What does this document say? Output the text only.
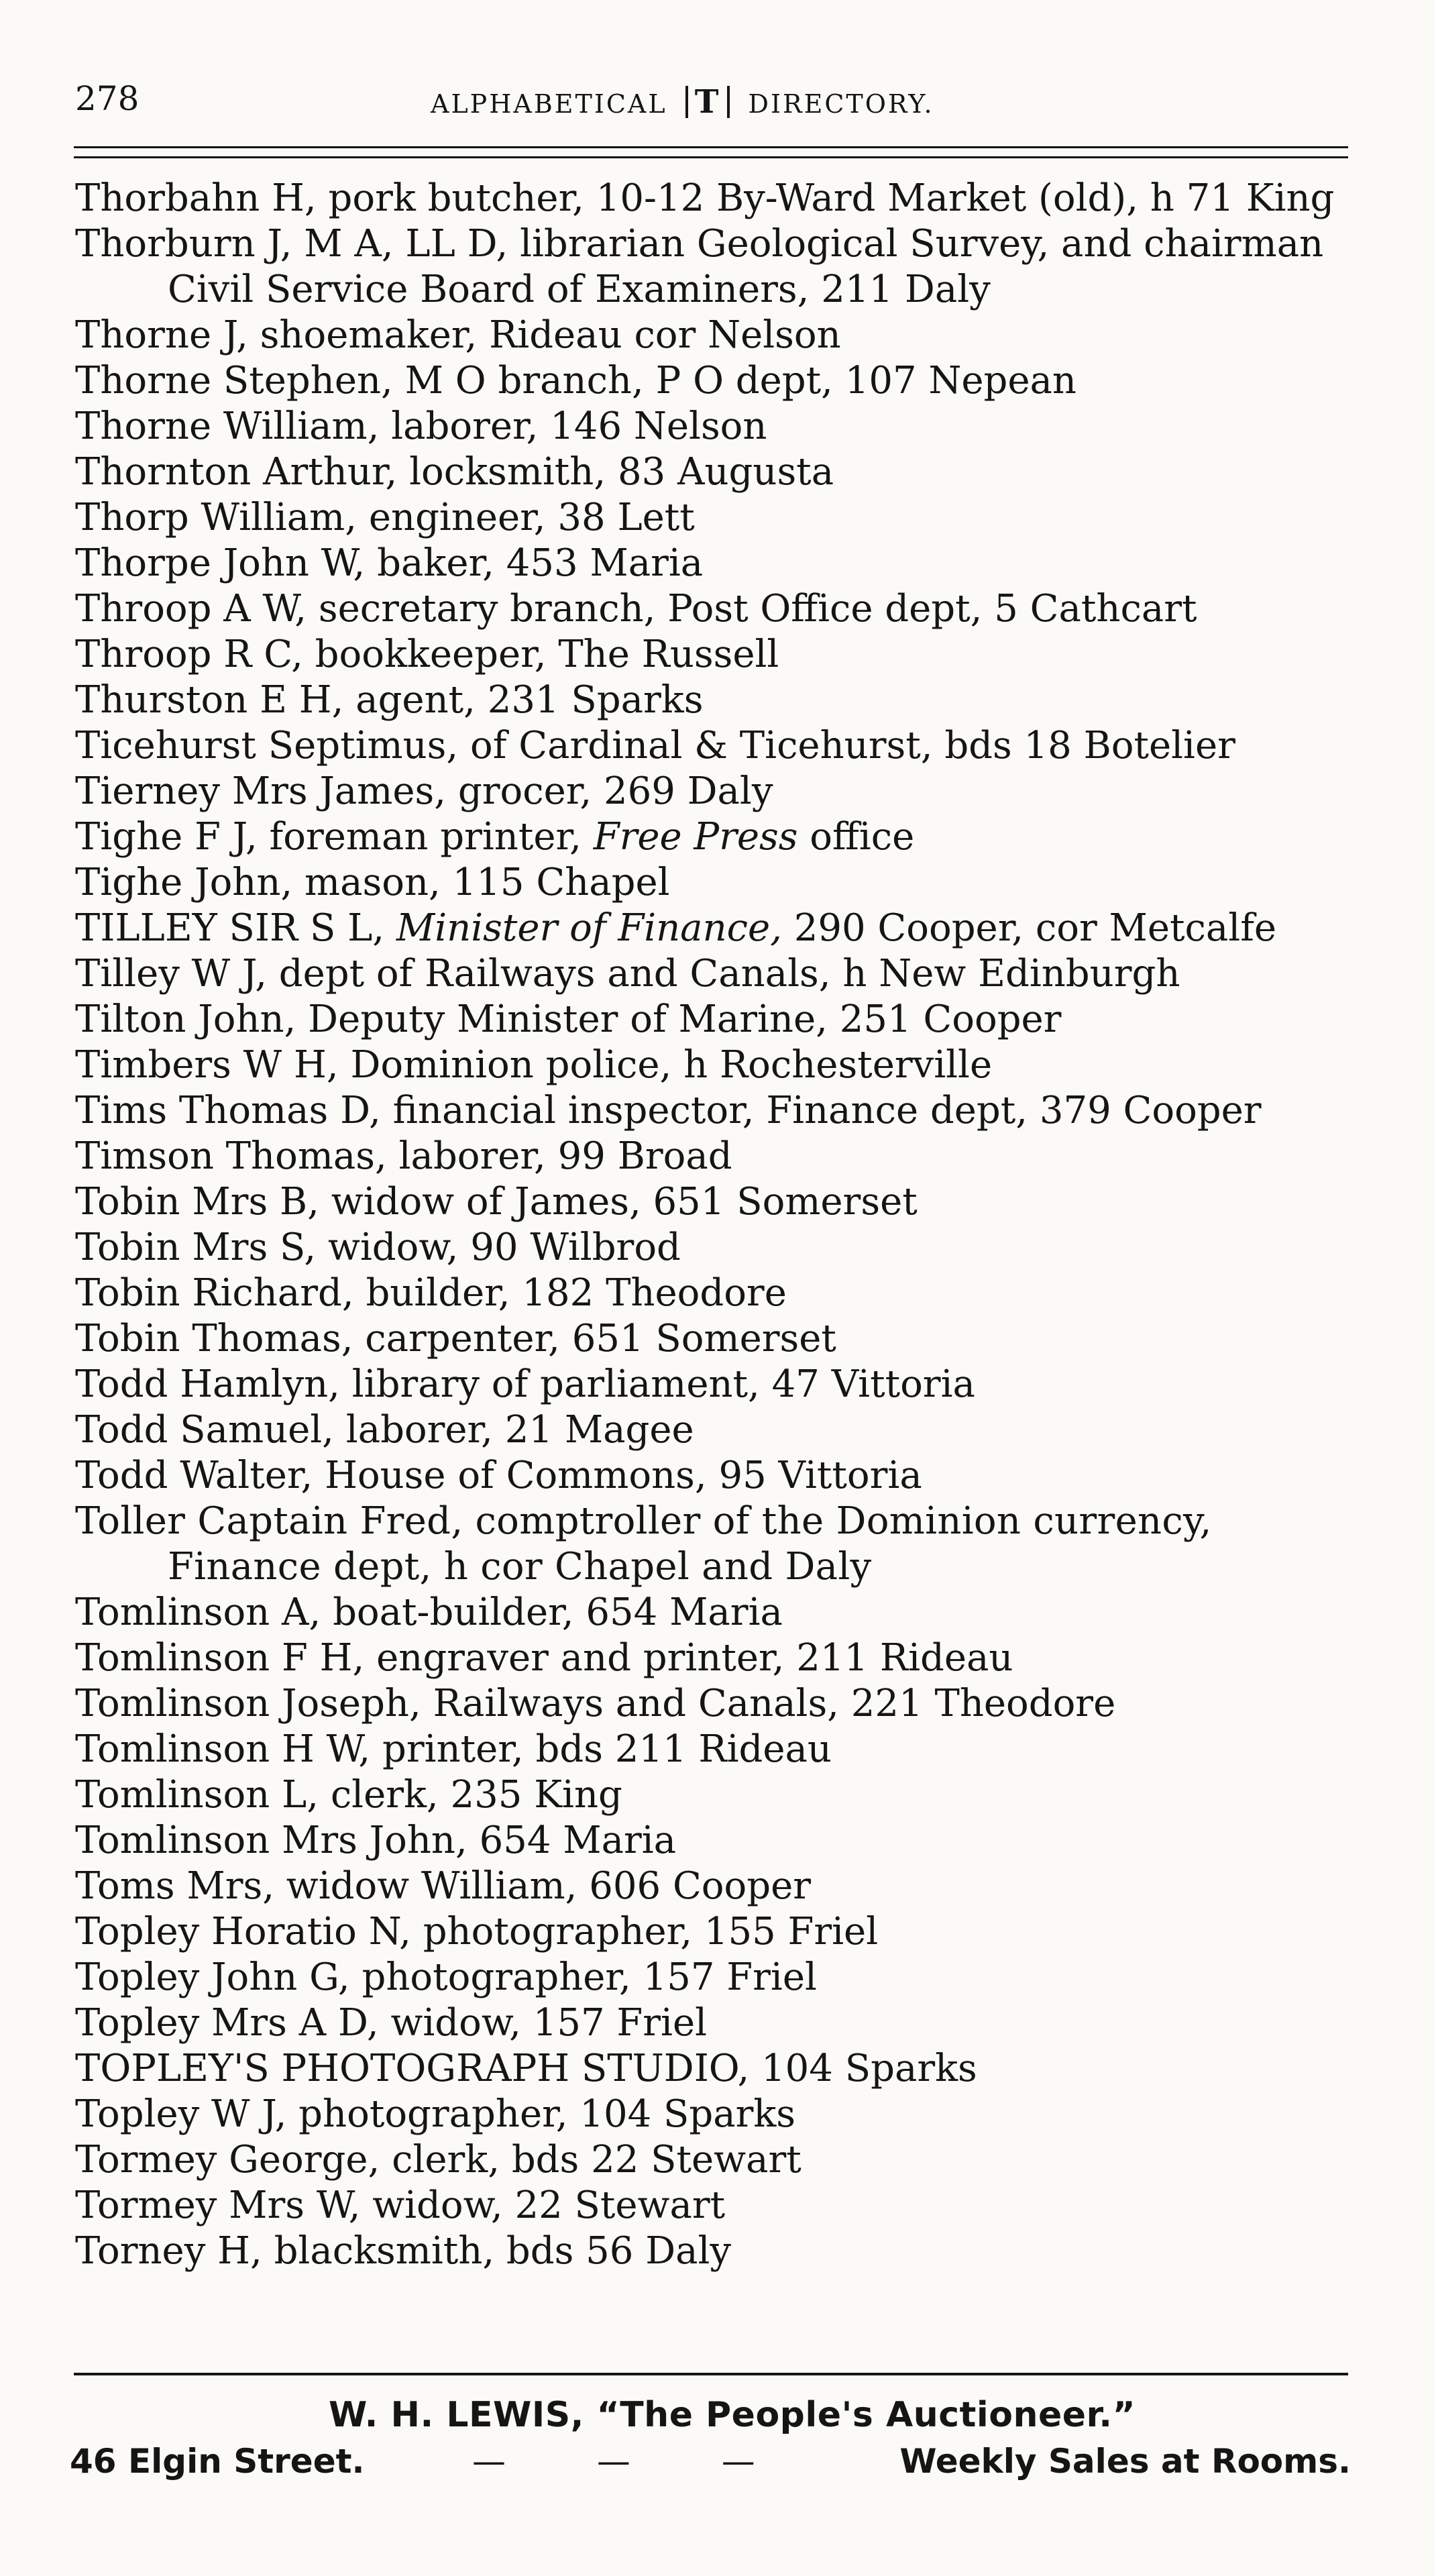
278	ALPHABETICAL T DIRECTORY.
Thorbahn H, pork butcher, 10-12 By-Ward Market (old), h 71 King
Thorburn J, M A, LL D, librarian Geological Survey, and chairman Civil Service Board of Examiners, 211 Daly
Thorne J, shoemaker, Rideau cor Nelson
Thorne Stephen, M O branch, P O dept, 107 Nepean
Thorne William, laborer, 146 Nelson
Thornton Arthur, locksmith, 83 Augusta
Thorp William, engineer, 38 Lett
Thorpe John W, baker, 453 Maria
Throop A W, secretary branch, Post Office dept, 5 Cathcart
Throop R C, bookkeeper, The Russell
Thurston E H, agent, 231 Sparks
Ticehurst Septimus, of Cardinal & Ticehurst, bds 18 Botelier
Tierney Mrs James, grocer, 269 Daly
Tighe F J, foreman printer, Free Press office
Tighe John, mason, 115 Chapel
TILLEY SIR S L, Minister of Finance, 290 Cooper, cor Metcalfe
Tilley W J, dept of Railways and Canals, h New Edinburgh
Tilton John, Deputy Minister of Marine, 251 Cooper
Timbers W H, Dominion police, h Rochesterville
Tims Thomas D, financial inspector, Finance dept, 379 Cooper
Timson Thomas, laborer, 99 Broad
Tobin Mrs B, widow of James, 651 Somerset
Tobin Mrs S, widow, 90 Wilbrod
Tobin Richard, builder, 182 Theodore
Tobin Thomas, carpenter, 651 Somerset
Todd Hamlyn, library of parliament, 47 Vittoria
Todd Samuel, laborer, 21 Magee
Todd Walter, House of Commons, 95 Vittoria
Toller Captain Fred, comptroller of the Dominion currency, Finance dept, h cor Chapel and Daly
Tomlinson A, boat-builder, 654 Maria
Tomlinson F H, engraver and printer, 211 Rideau
Tomlinson Joseph, Railways and Canals, 221 Theodore
Tomlinson H W, printer, bds 211 Rideau
Tomlinson L, clerk, 235 King
Tomlinson Mrs John, 654 Maria
Toms Mrs, widow William, 606 Cooper
Topley Horatio N, photographer, 155 Friel
Topley John G, photographer, 157 Friel
Topley Mrs A D, widow, 157 Friel
TOPLEY'S PHOTOGRAPH STUDIO, 104 Sparks
Topley W J, photographer, 104 Sparks
Tormey George, clerk, bds 22 Stewart
Tormey Mrs W, widow, 22 Stewart
Torney H, blacksmith, bds 56 Daly
W. H. LEWIS, “The People's Auctioneer.”
46 Elgin Street.	— — —	Weekly Sales at Rooms.
